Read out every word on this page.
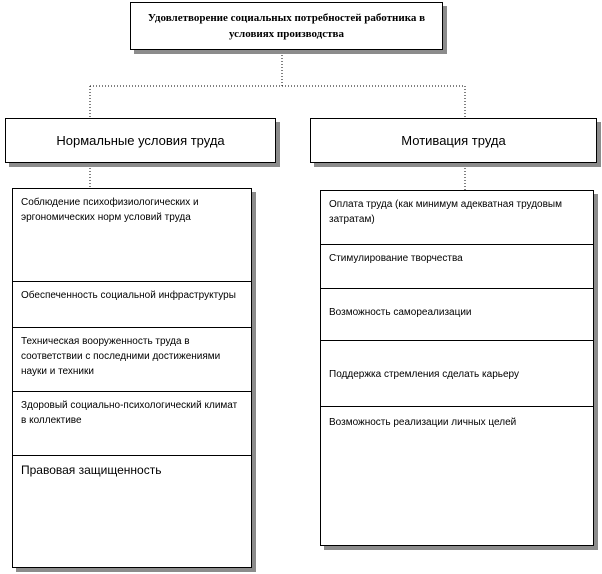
Удовлетворение социальных потребностей работника в условиях производства
Нормальные условия труда	Мотивация труда
Соблюдение психофизиологических и эргономических норм условий труда
Обеспеченность социальной инфраструктуры
Техническая вооруженность труда в соответствии с последними достижениями науки и техники
Здоровый социально-психологический климат в коллективе
Правовая защищенность
Оплата труда (как минимум адекватная трудовым затратам)
Стимулирование творчества
Возможность самореализации
Поддержка стремления сделать карьеру
Возможность реализации личных целей
